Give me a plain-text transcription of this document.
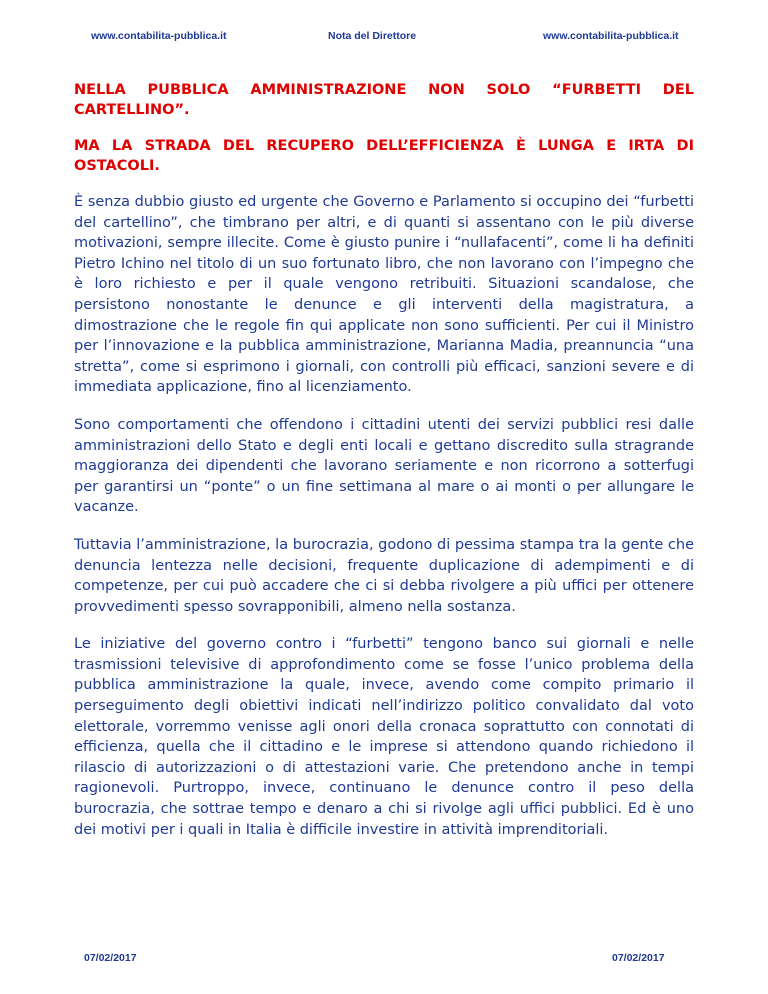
www.contabilita-pubblica.it	Nota del Direttore	www.contabilita-pubblica.it

NELLA PUBBLICA AMMINISTRAZIONE NON SOLO “FURBETTI DEL CARTELLINO”.

MA LA STRADA DEL RECUPERO DELL’EFFICIENZA È LUNGA E IRTA DI OSTACOLI.

È senza dubbio giusto ed urgente che Governo e Parlamento si occupino dei “furbetti del cartellino”, che timbrano per altri, e di quanti si assentano con le più diverse motivazioni, sempre illecite. Come è giusto punire i “nullafacenti”, come li ha definiti Pietro Ichino nel titolo di un suo fortunato libro, che non lavorano con l’impegno che è loro richiesto e per il quale vengono retribuiti. Situazioni scandalose, che persistono nonostante le denunce e gli interventi della magistratura, a dimostrazione che le regole fin qui applicate non sono sufficienti. Per cui il Ministro per l’innovazione e la pubblica amministrazione, Marianna Madia, preannuncia “una stretta”, come si esprimono i giornali, con controlli più efficaci, sanzioni severe e di immediata applicazione, fino al licenziamento.

Sono comportamenti che offendono i cittadini utenti dei servizi pubblici resi dalle amministrazioni dello Stato e degli enti locali e gettano discredito sulla stragrande maggioranza dei dipendenti che lavorano seriamente e non ricorrono a sotterfugi per garantirsi un “ponte” o un fine settimana al mare o ai monti o per allungare le vacanze.

Tuttavia l’amministrazione, la burocrazia, godono di pessima stampa tra la gente che denuncia lentezza nelle decisioni, frequente duplicazione di adempimenti e di competenze, per cui può accadere che ci si debba rivolgere a più uffici per ottenere provvedimenti spesso sovrapponibili, almeno nella sostanza.

Le iniziative del governo contro i “furbetti” tengono banco sui giornali e nelle trasmissioni televisive di approfondimento come se fosse l’unico problema della pubblica amministrazione la quale, invece, avendo come compito primario il perseguimento degli obiettivi indicati nell’indirizzo politico convalidato dal voto elettorale, vorremmo venisse agli onori della cronaca soprattutto con connotati di efficienza, quella che il cittadino e le imprese si attendono quando richiedono il rilascio di autorizzazioni o di attestazioni varie. Che pretendono anche in tempi ragionevoli. Purtroppo, invece, continuano le denunce contro il peso della burocrazia, che sottrae tempo e denaro a chi si rivolge agli uffici pubblici. Ed è uno dei motivi per i quali in Italia è difficile investire in attività imprenditoriali.

07/02/2017	07/02/2017
